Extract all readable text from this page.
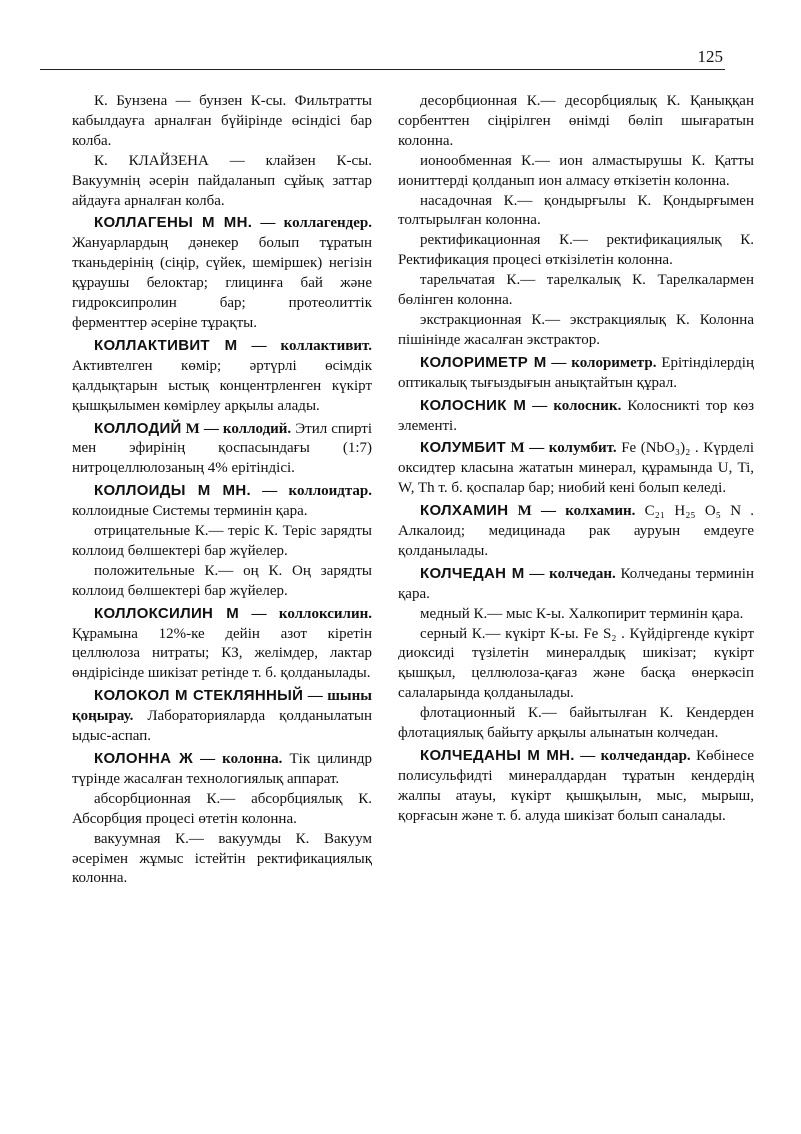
125

К. Бунзена — бунзен К-сы. Фильтратты кабылдауға арналған бүйірінде өсіндісі бар колба.

К. КЛАЙЗЕНА — клайзен К-сы. Вакуумнің әсерін пайдаланып сұйық заттар айдауға арналған колба.

КОЛЛАГЕНЫ М МН. — коллагендер. Жануарлардың дәнекер болып тұратын тканьдерінің (сіңір, сүйек, шеміршек) негізін құраушы белоктар; глицинға бай және гидроксипролин бар; протеолиттік ферменттер әсеріне тұрақты.

КОЛЛАКТИВИТ М — коллактивит. Активтелген көмір; әртүрлі өсімдік қалдықтарын ыстық концентрленген күкірт қышқылымен көмірлеу арқылы алады.

КОЛЛОДИЙ М — коллодий. Этил спирті мен эфирінің қоспасындағы (1:7) нитроцеллюлозаның 4% ерітіндісі.

КОЛЛОИДЫ М МН. — коллоидтар. коллоидные Системы терминін қара.

отрицательные К.— теріс К. Теріс зарядты коллоид бөлшектері бар жүйелер.

положительные К.— оң К. Оң зарядты коллоид бөлшектері бар жүйелер.

КОЛЛОКСИЛИН М — коллоксилин. Құрамына 12%-ке дейін азот кіретін целлюлоза нитраты; КЗ, желімдер, лактар өндірісінде шикізат ретінде т. б. қолданылады.

КОЛОКОЛ М СТЕКЛЯННЫЙ — шыны қоңырау. Лабораторияларда қолданылатын ыдыс-аспап.

КОЛОННА Ж — колонна. Тік цилиндр түрінде жасалған технологиялық аппарат.

абсорбционная К.— абсорбциялық К. Абсорбция процесі өтетін колонна.

вакуумная К.— вакуумды К. Вакуум әсерімен жұмыс істейтін ректификациялық колонна.

десорбционная К.— десорбциялық К. Қаныққан сорбенттен сіңірілген өнімді бөліп шығаратын колонна.

ионообменная К.— ион алмастырушы К. Қатты иониттерді қолданып ион алмасу өткізетін колонна.

насадочная К.— қондырғылы К. Қондырғымен толтырылған колонна.

ректификационная К.— ректификациялық К. Ректификация процесі өткізілетін колонна.

тарельчатая К.— тарелкалық К. Тарелкалармен бөлінген колонна.

экстракционная К.— экстракциялық К. Колонна пішінінде жасалған экстрактор.

КОЛОРИМЕТР М — колориметр. Ерітінділердің оптикалық тығыздығын анықтайтын құрал.

КОЛОСНИК М — колосник. Колосникті тор көз элементі.

КОЛУМБИТ М — колумбит. Fe (NbO₃)₂ . Күрделі оксидтер класына жататын минерал, құрамында U, Ti, W, Th т. б. қоспалар бар; ниобий кені болып келеді.

КОЛХАМИН М — колхамин. C₂₁ H₂₅ O₅ N . Алкалоид; медицинада рак ауруын емдеуге қолданылады.

КОЛЧЕДАН М — колчедан. Колчеданы терминін қара.

медный К.— мыс К-ы. Халкопирит терминін қара.

серный К.— күкірт К-ы. Fe S₂ . Күйдіргенде күкірт диоксиді түзілетін минералдық шикізат; күкірт қышқыл, целлюлоза-қағаз және басқа өнеркәсіп салаларында қолданылады.

флотационный К.— байытылған К. Кендерден флотациялық байыту арқылы алынатын колчедан.

КОЛЧЕДАНЫ М МН. — колчедандар. Көбінесе полисульфидті минералдардан тұратын кендердің жалпы атауы, күкірт қышқылын, мыс, мырыш, қорғасын және т. б. алуда шикізат болып саналады.
